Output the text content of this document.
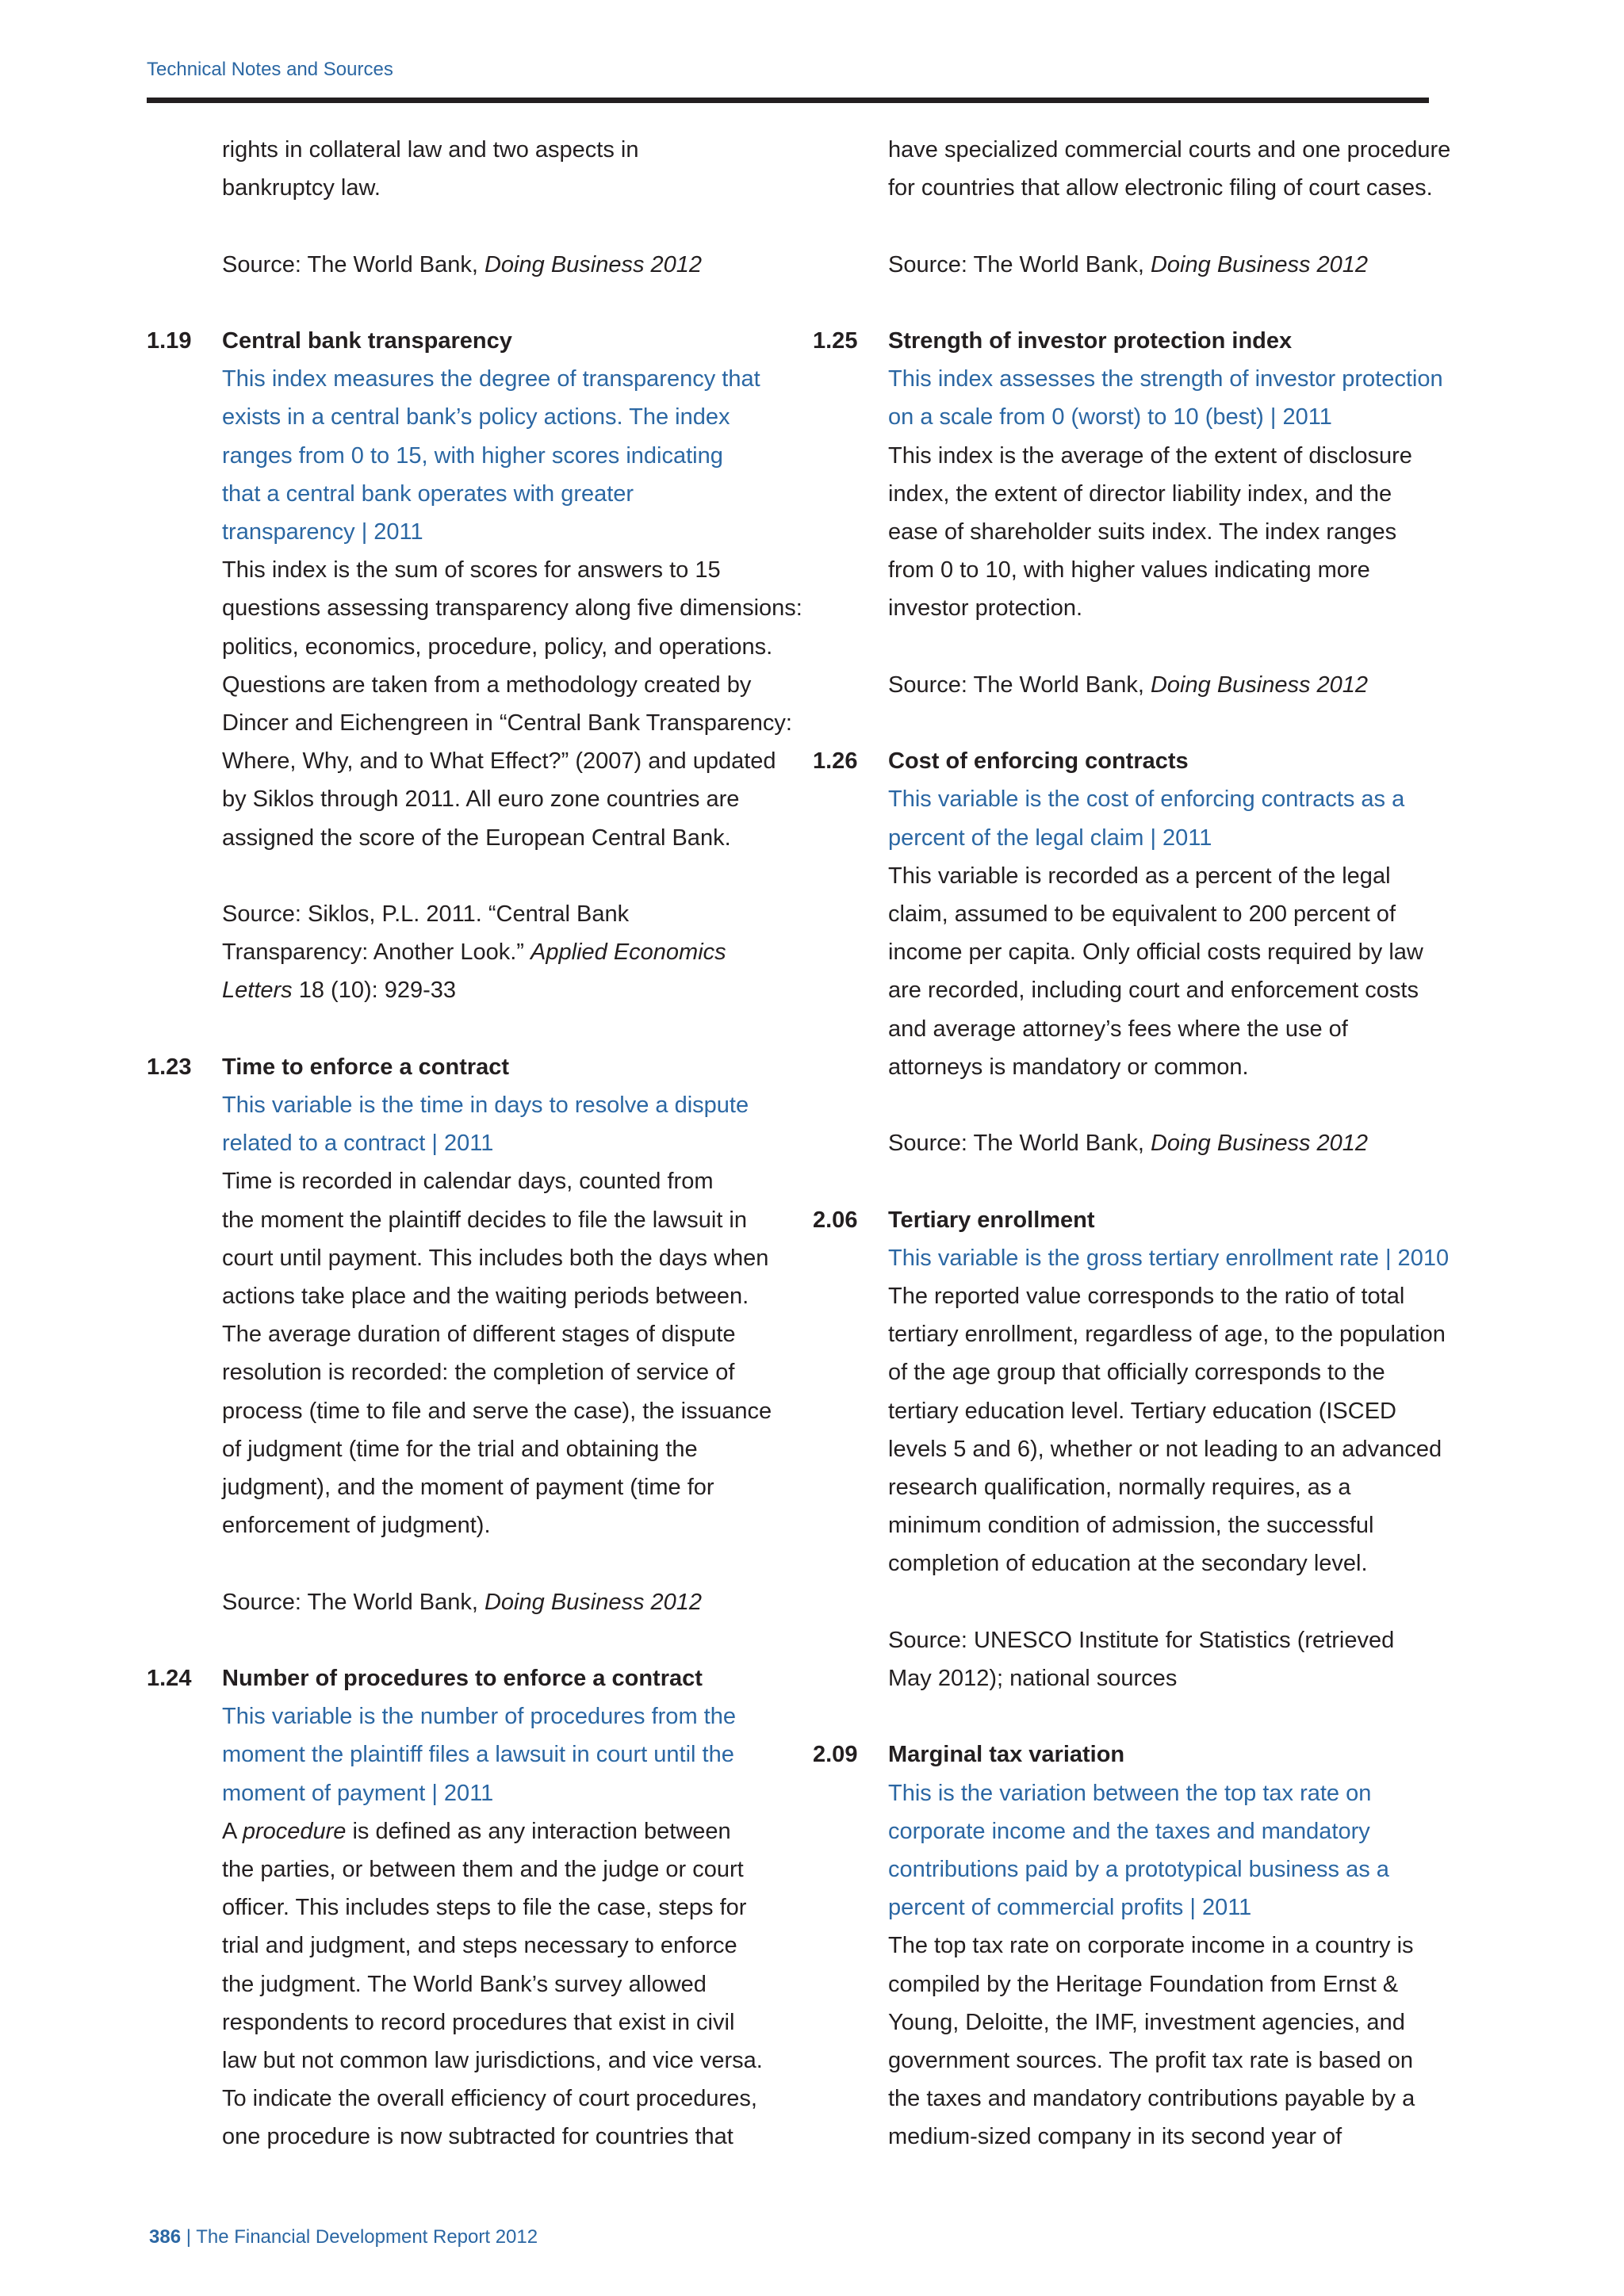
Technical Notes and Sources
rights in collateral law and two aspects in
bankruptcy law.
Source: The World Bank, Doing Business 2012
1.19	Central bank transparency
This index measures the degree of transparency that
exists in a central bank’s policy actions. The index
ranges from 0 to 15, with higher scores indicating
that a central bank operates with greater
transparency | 2011
This index is the sum of scores for answers to 15
questions assessing transparency along five dimensions:
politics, economics, procedure, policy, and operations.
Questions are taken from a methodology created by
Dincer and Eichengreen in “Central Bank Transparency:
Where, Why, and to What Effect?” (2007) and updated
by Siklos through 2011. All euro zone countries are
assigned the score of the European Central Bank.
Source: Siklos, P.L. 2011. “Central Bank
Transparency: Another Look.” Applied Economics
Letters 18 (10): 929-33
1.23	Time to enforce a contract
This variable is the time in days to resolve a dispute
related to a contract | 2011
Time is recorded in calendar days, counted from
the moment the plaintiff decides to file the lawsuit in
court until payment. This includes both the days when
actions take place and the waiting periods between.
The average duration of different stages of dispute
resolution is recorded: the completion of service of
process (time to file and serve the case), the issuance
of judgment (time for the trial and obtaining the
judgment), and the moment of payment (time for
enforcement of judgment).
Source: The World Bank, Doing Business 2012
1.24	Number of procedures to enforce a contract
This variable is the number of procedures from the
moment the plaintiff files a lawsuit in court until the
moment of payment | 2011
A procedure is defined as any interaction between
the parties, or between them and the judge or court
officer. This includes steps to file the case, steps for
trial and judgment, and steps necessary to enforce
the judgment. The World Bank’s survey allowed
respondents to record procedures that exist in civil
law but not common law jurisdictions, and vice versa.
To indicate the overall efficiency of court procedures,
one procedure is now subtracted for countries that
have specialized commercial courts and one procedure
for countries that allow electronic filing of court cases.
Source: The World Bank, Doing Business 2012
1.25	Strength of investor protection index
This index assesses the strength of investor protection
on a scale from 0 (worst) to 10 (best) | 2011
This index is the average of the extent of disclosure
index, the extent of director liability index, and the
ease of shareholder suits index. The index ranges
from 0 to 10, with higher values indicating more
investor protection.
Source: The World Bank, Doing Business 2012
1.26	Cost of enforcing contracts
This variable is the cost of enforcing contracts as a
percent of the legal claim | 2011
This variable is recorded as a percent of the legal
claim, assumed to be equivalent to 200 percent of
income per capita. Only official costs required by law
are recorded, including court and enforcement costs
and average attorney’s fees where the use of
attorneys is mandatory or common.
Source: The World Bank, Doing Business 2012
2.06	Tertiary enrollment
This variable is the gross tertiary enrollment rate | 2010
The reported value corresponds to the ratio of total
tertiary enrollment, regardless of age, to the population
of the age group that officially corresponds to the
tertiary education level. Tertiary education (ISCED
levels 5 and 6), whether or not leading to an advanced
research qualification, normally requires, as a
minimum condition of admission, the successful
completion of education at the secondary level.
Source: UNESCO Institute for Statistics (retrieved
May 2012); national sources
2.09	Marginal tax variation
This is the variation between the top tax rate on
corporate income and the taxes and mandatory
contributions paid by a prototypical business as a
percent of commercial profits | 2011
The top tax rate on corporate income in a country is
compiled by the Heritage Foundation from Ernst &
Young, Deloitte, the IMF, investment agencies, and
government sources. The profit tax rate is based on
the taxes and mandatory contributions payable by a
medium-sized company in its second year of
386 | The Financial Development Report 2012
